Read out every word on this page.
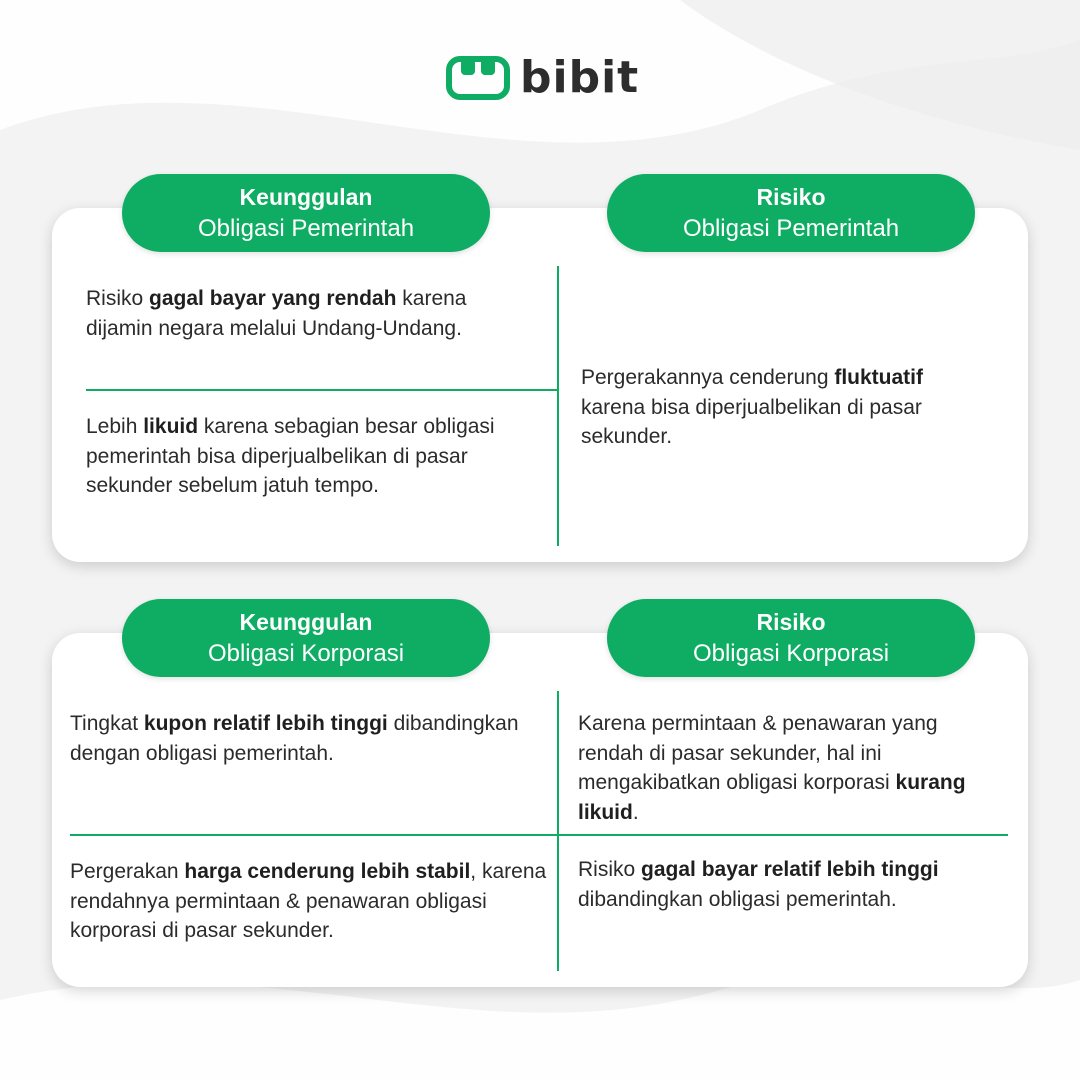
bibit
Risiko gagal bayar yang rendah karena dijamin negara melalui Undang-Undang.
Lebih likuid karena sebagian besar obligasi pemerintah bisa diperjualbelikan di pasar sekunder sebelum jatuh tempo.
Pergerakannya cenderung fluktuatif karena bisa diperjualbelikan di pasar sekunder.
Keunggulan
Obligasi Pemerintah
Risiko
Obligasi Pemerintah
Tingkat kupon relatif lebih tinggi dibandingkan dengan obligasi pemerintah.
Pergerakan harga cenderung lebih stabil, karena rendahnya permintaan & penawaran obligasi korporasi di pasar sekunder.
Karena permintaan & penawaran yang rendah di pasar sekunder, hal ini mengakibatkan obligasi korporasi kurang likuid.
Risiko gagal bayar relatif lebih tinggi dibandingkan obligasi pemerintah.
Keunggulan
Obligasi Korporasi
Risiko
Obligasi Korporasi
